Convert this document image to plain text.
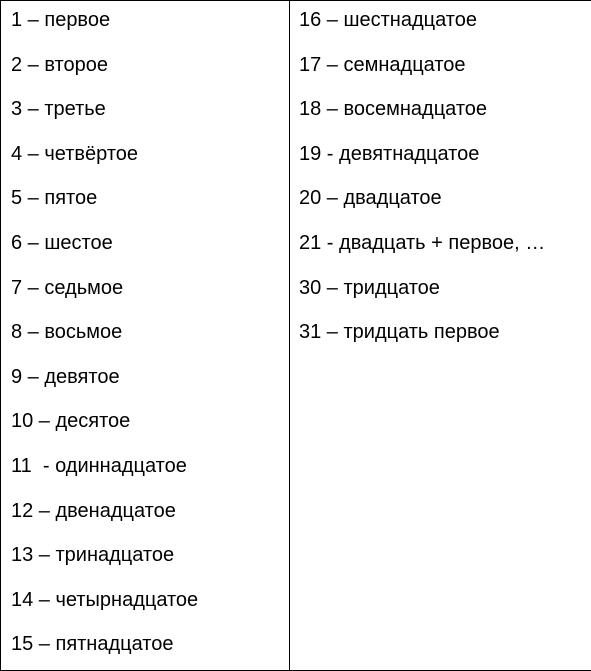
1 – первое
2 – второе
3 – третье
4 – четвёртое
5 – пятое
6 – шестое
7 – седьмое
8 – восьмое
9 – девятое
10 – десятое
11  - одиннадцатое
12 – двенадцатое
13 – тринадцатое
14 – четырнадцатое
15 – пятнадцатое

16 – шестнадцатое
17 – семнадцатое
18 – восемнадцатое
19 - девятнадцатое
20 – двадцатое
21 - двадцать + первое, …
30 – тридцатое
31 – тридцать первое
